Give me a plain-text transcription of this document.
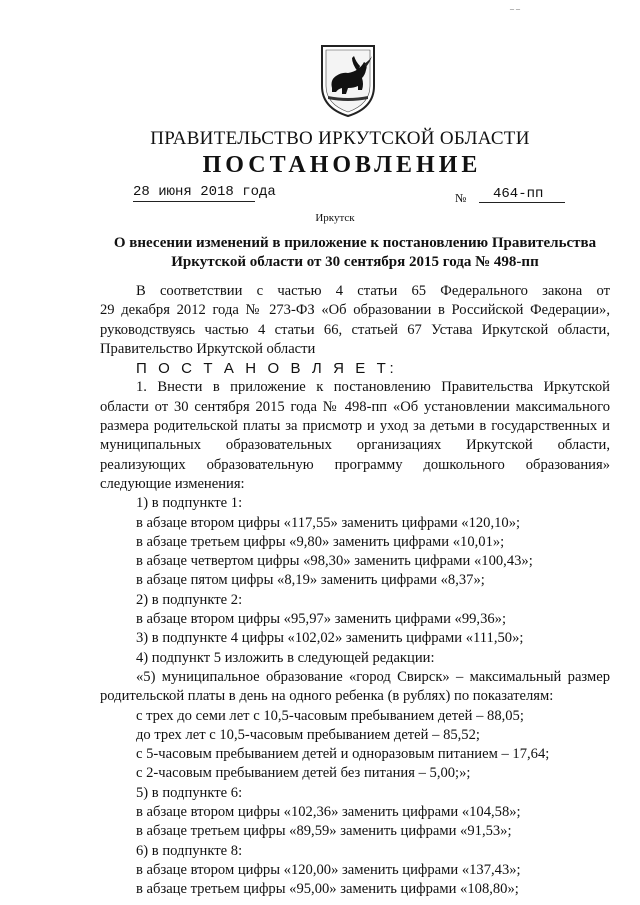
_ _
ПРАВИТЕЛЬСТВО ИРКУТСКОЙ ОБЛАСТИ
ПОСТАНОВЛЕНИЕ
28 июня 2018 года	№	464-пп
Иркутск
О внесении изменений в приложение к постановлению Правительства
Иркутской области от 30 сентября 2015 года № 498-пп

В соответствии с частью 4 статьи 65 Федерального закона от

29 декабря 2012 года № 273-ФЗ «Об образовании в Российской Федерации»,

руководствуясь частью 4 статьи 66, статьей 67 Устава Иркутской области,

Правительство Иркутской области

П О С Т А Н О В Л Я Е Т:

1. Внести в приложение к постановлению Правительства Иркутской

области от 30 сентября 2015 года № 498-пп «Об установлении максимального

размера родительской платы за присмотр и уход за детьми в государственных и

муниципальных образовательных организациях Иркутской области,

реализующих образовательную программу дошкольного образования»

следующие изменения:

1) в подпункте 1:

в абзаце втором цифры «117,55» заменить цифрами «120,10»;

в абзаце третьем цифры «9,80» заменить цифрами «10,01»;

в абзаце четвертом цифры «98,30» заменить цифрами «100,43»;

в абзаце пятом цифры «8,19» заменить цифрами «8,37»;

2) в подпункте 2:

в абзаце втором цифры «95,97» заменить цифрами «99,36»;

3) в подпункте 4 цифры «102,02» заменить цифрами «111,50»;

4) подпункт 5 изложить в следующей редакции:

«5) муниципальное образование «город Свирск» – максимальный размер

родительской платы в день на одного ребенка (в рублях) по показателям:

с трех до семи лет с 10,5-часовым пребыванием детей – 88,05;

до трех лет с 10,5-часовым пребыванием детей – 85,52;

с 5-часовым пребыванием детей и одноразовым питанием – 17,64;

с 2-часовым пребыванием детей без питания – 5,00;»;

5) в подпункте 6:

в абзаце втором цифры «102,36» заменить цифрами «104,58»;

в абзаце третьем цифры «89,59» заменить цифрами «91,53»;

6) в подпункте 8:

в абзаце втором цифры «120,00» заменить цифрами «137,43»;

в абзаце третьем цифры «95,00» заменить цифрами «108,80»;
